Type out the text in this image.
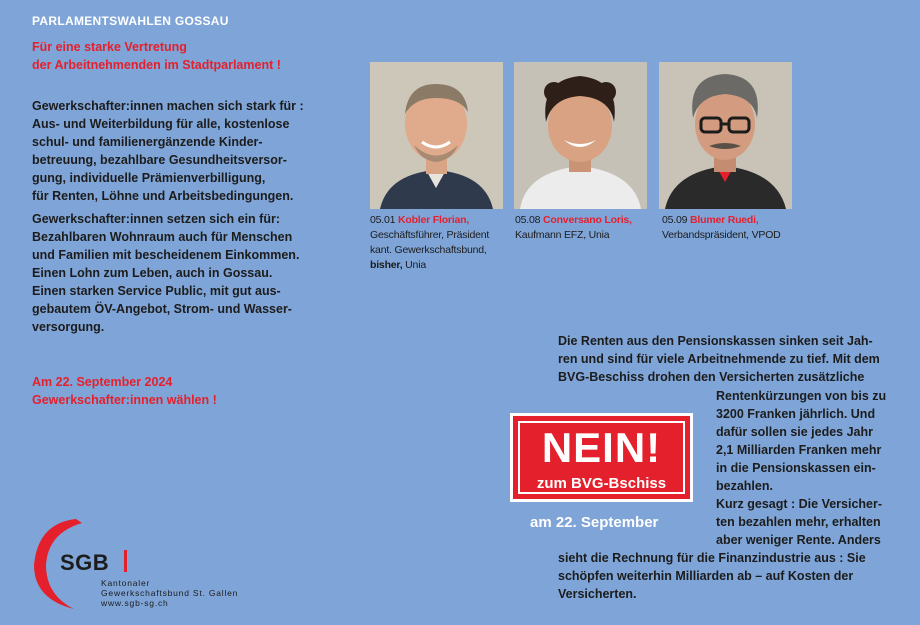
PARLAMENTSWAHLEN GOSSAU

Für eine starke Vertretung

der Arbeitnehmenden im Stadtparlament !

Gewerkschafter:innen machen sich stark für :

Aus- und Weiterbildung für alle, kostenlose

schul- und familienergänzende Kinder-

betreuung, bezahlbare Gesundheitsversor-

gung, individuelle Prämienverbilligung,

für Renten, Löhne und Arbeitsbedingungen.

Gewerkschafter:innen setzen sich ein für:

Bezahlbaren Wohnraum auch für Menschen

und Familien mit bescheidenem Einkommen.

Einen Lohn zum Leben, auch in Gossau.

Einen starken Service Public, mit gut aus-

gebautem ÖV-Angebot, Strom- und Wasser-

versorgung.

Am 22. September 2024

Gewerkschafter:innen wählen !

05.01 Kobler Florian,
Geschäftsführer, Präsident
kant. Gewerkschaftsbund,
bisher, Unia
05.08 Conversano Loris,
Kaufmann EFZ, Unia
05.09 Blumer Ruedi,
Verbandspräsident, VPOD
Die Renten aus den Pensionskassen sinken seit Jah-
ren und sind für viele Arbeitnehmende zu tief. Mit dem
BVG-Beschiss drohen den Versicherten zusätzliche
Rentenkürzungen von bis zu
3200 Franken jährlich. Und
dafür sollen sie jedes Jahr
2,1 Milliarden Franken mehr
in die Pensionskassen ein-
bezahlen.
Kurz gesagt : Die Versicher-
ten bezahlen mehr, erhalten
aber weniger Rente. Anders
sieht die Rechnung für die Finanzindustrie aus : Sie
schöpfen weiterhin Milliarden ab – auf Kosten der
Versicherten.
NEIN!
zum BVG-Bschiss
am 22. September
SGB
Kantonaler
Gewerkschaftsbund St. Gallen
www.sgb-sg.ch
